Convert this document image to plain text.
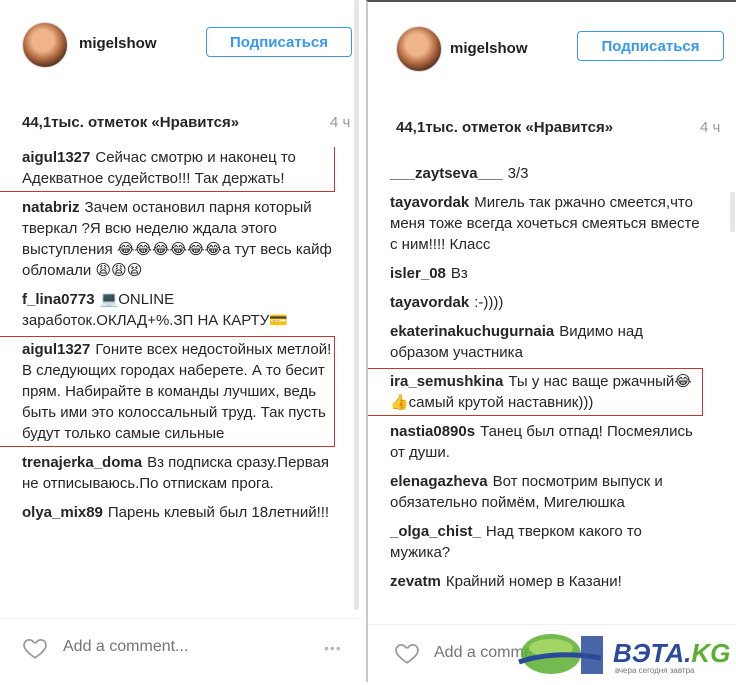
migelshow	Подписаться
44,1тыс. отметок «Нравится»	4 ч
aigul1327 Сейчас смотрю и наконец то Адекватное судейство!!! Так держать!
natabriz Зачем остановил парня который тверкал ?Я всю неделю ждала этого выступления 😂😂😂😂😂😂а тут весь кайф обломали 😩😩😫
f_lina0773 💻ONLINE заработок.ОКЛАД+%.ЗП НА КАРТУ💳
aigul1327 Гоните всех недостойных метлой! В следующих городах наберете. А то бесит прям. Набирайте в команды лучших, ведь быть ими это колоссальный труд. Так пусть будут только самые сильные
trenajerka_doma Вз подписка сразу.Первая не отписываюсь.По отпискам прога.
olya_mix89 Парень клевый был 18летний!!!
Add a comment...
•••
migelshow	Подписаться
44,1тыс. отметок «Нравится»	4 ч
___zaytseva___ 3/3
tayavordak Мигель так ржачно смеется,что меня тоже всегда хочеться смеяться вместе с ним!!!! Класс
isler_08 Вз
tayavordak :-))))
ekaterinakuchugurnaia Видимо над образом участника
ira_semushkina Ты у нас ваще ржачный😂👍самый крутой наставник)))
nastia0890s Танец был отпад! Посмеялись от души.
elenagazheva Вот посмотрим выпуск и обязательно поймём, Мигелюшка
_olga_chist_ Над тверком какого то мужика?
zevatm Крайний номер в Казани!
Add a comment...
ВЭТА.KG
вчера сегодня завтра
